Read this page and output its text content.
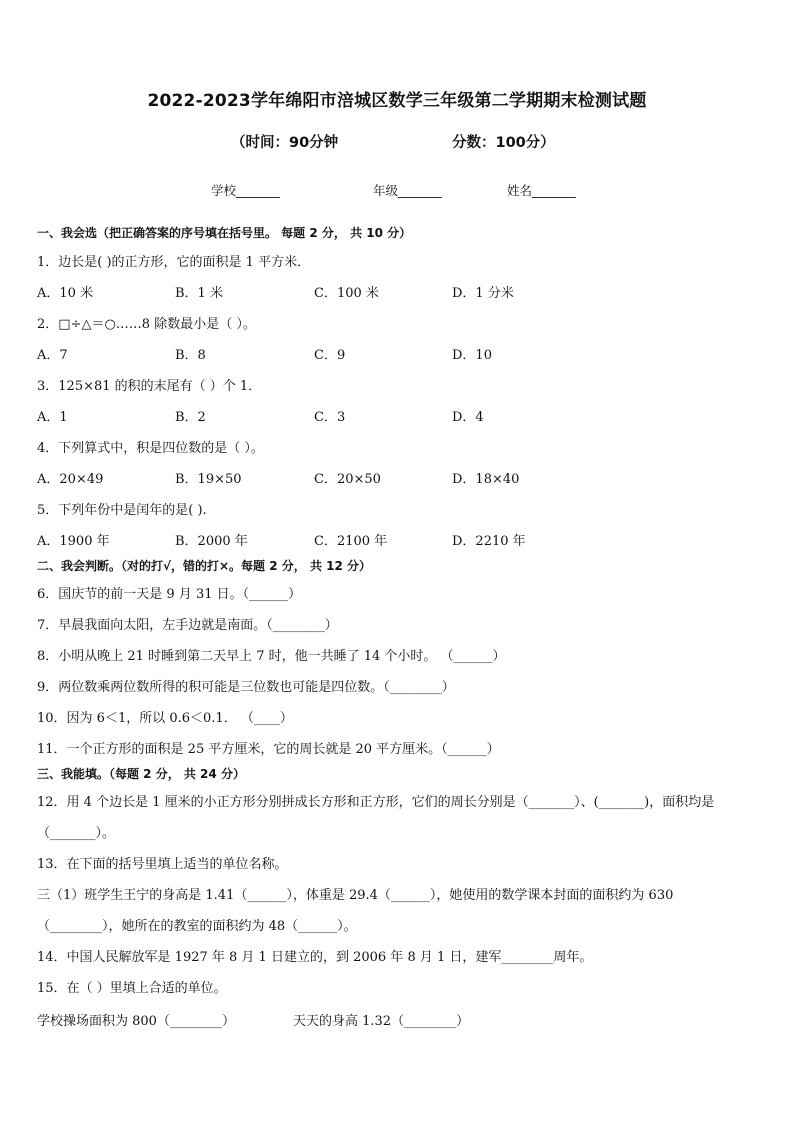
2022-2023学年绵阳市涪城区数学三年级第二学期期末检测试题
（时间：90分钟	分数：100分）
学校_______	年级_______	姓名_______
一、我会选（把正确答案的序号填在括号里。 每题 2 分， 共 10 分）
1．边长是( )的正方形，它的面积是 1 平方米．
A．10 米	B．1 米	C．100 米	D．1 分米
2．□÷△＝○……8 除数最小是（ ）。
A．7	B．8	C．9	D．10
3．125×81 的积的末尾有（ ）个 1．
A．1	B．2	C．3	D．4
4．下列算式中，积是四位数的是（ ）。
A．20×49	B．19×50	C．20×50	D．18×40
5．下列年份中是闰年的是( ).
A．1900 年	B．2000 年	C．2100 年	D．2210 年
二、我会判断。（对的打√，错的打×。每题 2 分， 共 12 分）
6．国庆节的前一天是 9 月 31 日。（______）
7．早晨我面向太阳，左手边就是南面。（________）
8．小明从晚上 21 时睡到第二天早上 7 时，他一共睡了 14 个小时。 （______）
9．两位数乘两位数所得的积可能是三位数也可能是四位数。（________）
10．因为 6＜1，所以 0.6＜0.1． （____）
11．一个正方形的面积是 25 平方厘米，它的周长就是 20 平方厘米。（______）
三、我能填。（每题 2 分， 共 24 分）
12．用 4 个边长是 1 厘米的小正方形分别拼成长方形和正方形，它们的周长分别是（_______）、(_______)，面积均是
（_______）。
13．在下面的括号里填上适当的单位名称。
三（1）班学生王宁的身高是 1.41（______），体重是 29.4（______），她使用的数学课本封面的面积约为 630
（________），她所在的教室的面积约为 48（______）。
14．中国人民解放军是 1927 年 8 月 1 日建立的，到 2006 年 8 月 1 日，建军________周年。
15．在（ ）里填上合适的单位。
学校操场面积为 800（________）	天天的身高 1.32（________）
